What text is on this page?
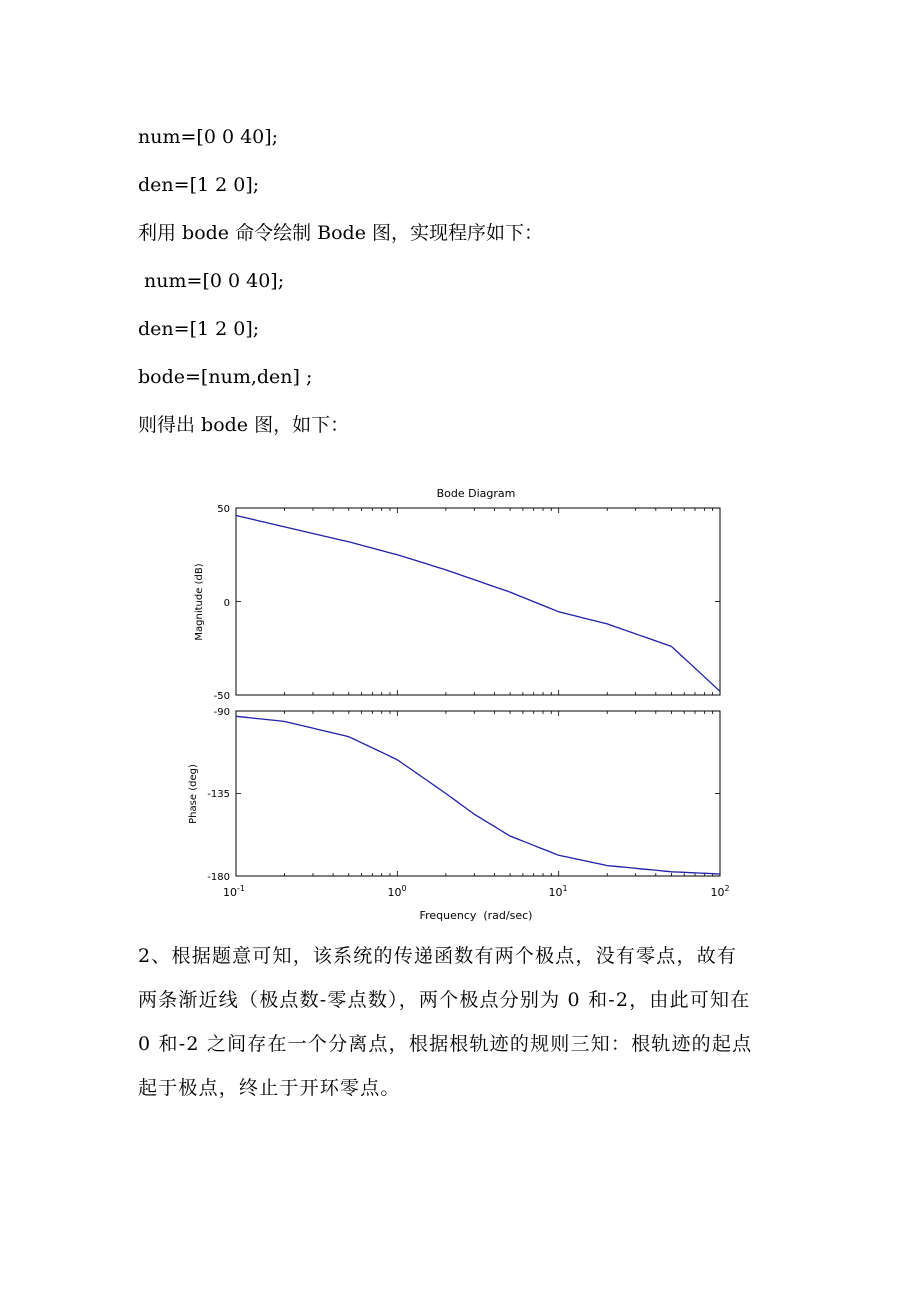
num=[0 0 40];
den=[1 2 0];
利用 bode 命令绘制 Bode 图，实现程序如下：
num=[0 0 40];
den=[1 2 0];
bode=[num,den] ;
则得出 bode 图，如下：
Bode Diagram
50
0
-50
Magnitude (dB)
-90
-135
-180
Phase (deg)
$10^{-1}$	$10^0$	$10^1$	$10^2$
Frequency  (rad/sec)

2、根据题意可知，该系统的传递函数有两个极点，没有零点，故有

两条渐近线（极点数-零点数），两个极点分别为 0 和-2，由此可知在

0 和-2 之间存在一个分离点，根据根轨迹的规则三知：根轨迹的起点

起于极点，终止于开环零点。
